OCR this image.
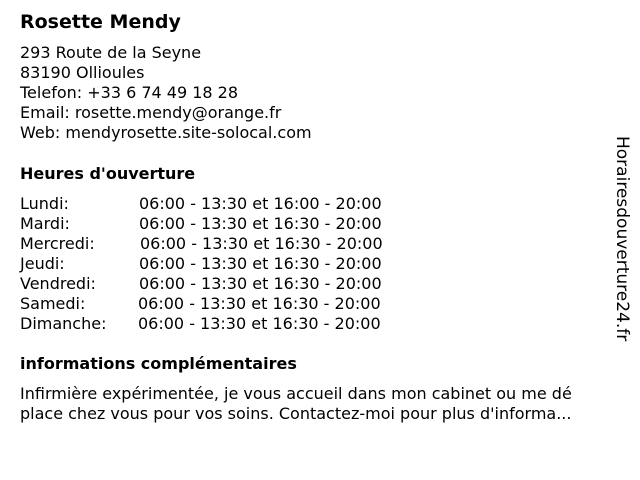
Rosette Mendy
293 Route de la Seyne
83190 Ollioules
Telefon: +33 6 74 49 18 28
Email: rosette.mendy@orange.fr
Web: mendyrosette.site-solocal.com
Heures d'ouverture
Lundi:	06:00 - 13:30 et 16:00 - 20:00
Mardi:	06:00 - 13:30 et 16:30 - 20:00
Mercredi:	06:00 - 13:30 et 16:30 - 20:00
Jeudi:	06:00 - 13:30 et 16:30 - 20:00
Vendredi:	06:00 - 13:30 et 16:30 - 20:00
Samedi:	06:00 - 13:30 et 16:30 - 20:00
Dimanche: 06:00 - 13:30 et 16:30 - 20:00
informations complémentaires
Infirmière expérimentée, je vous accueil dans mon cabinet ou me dé
place chez vous pour vos soins. Contactez-moi pour plus d'informa...
Horairesdouverture24.fr
